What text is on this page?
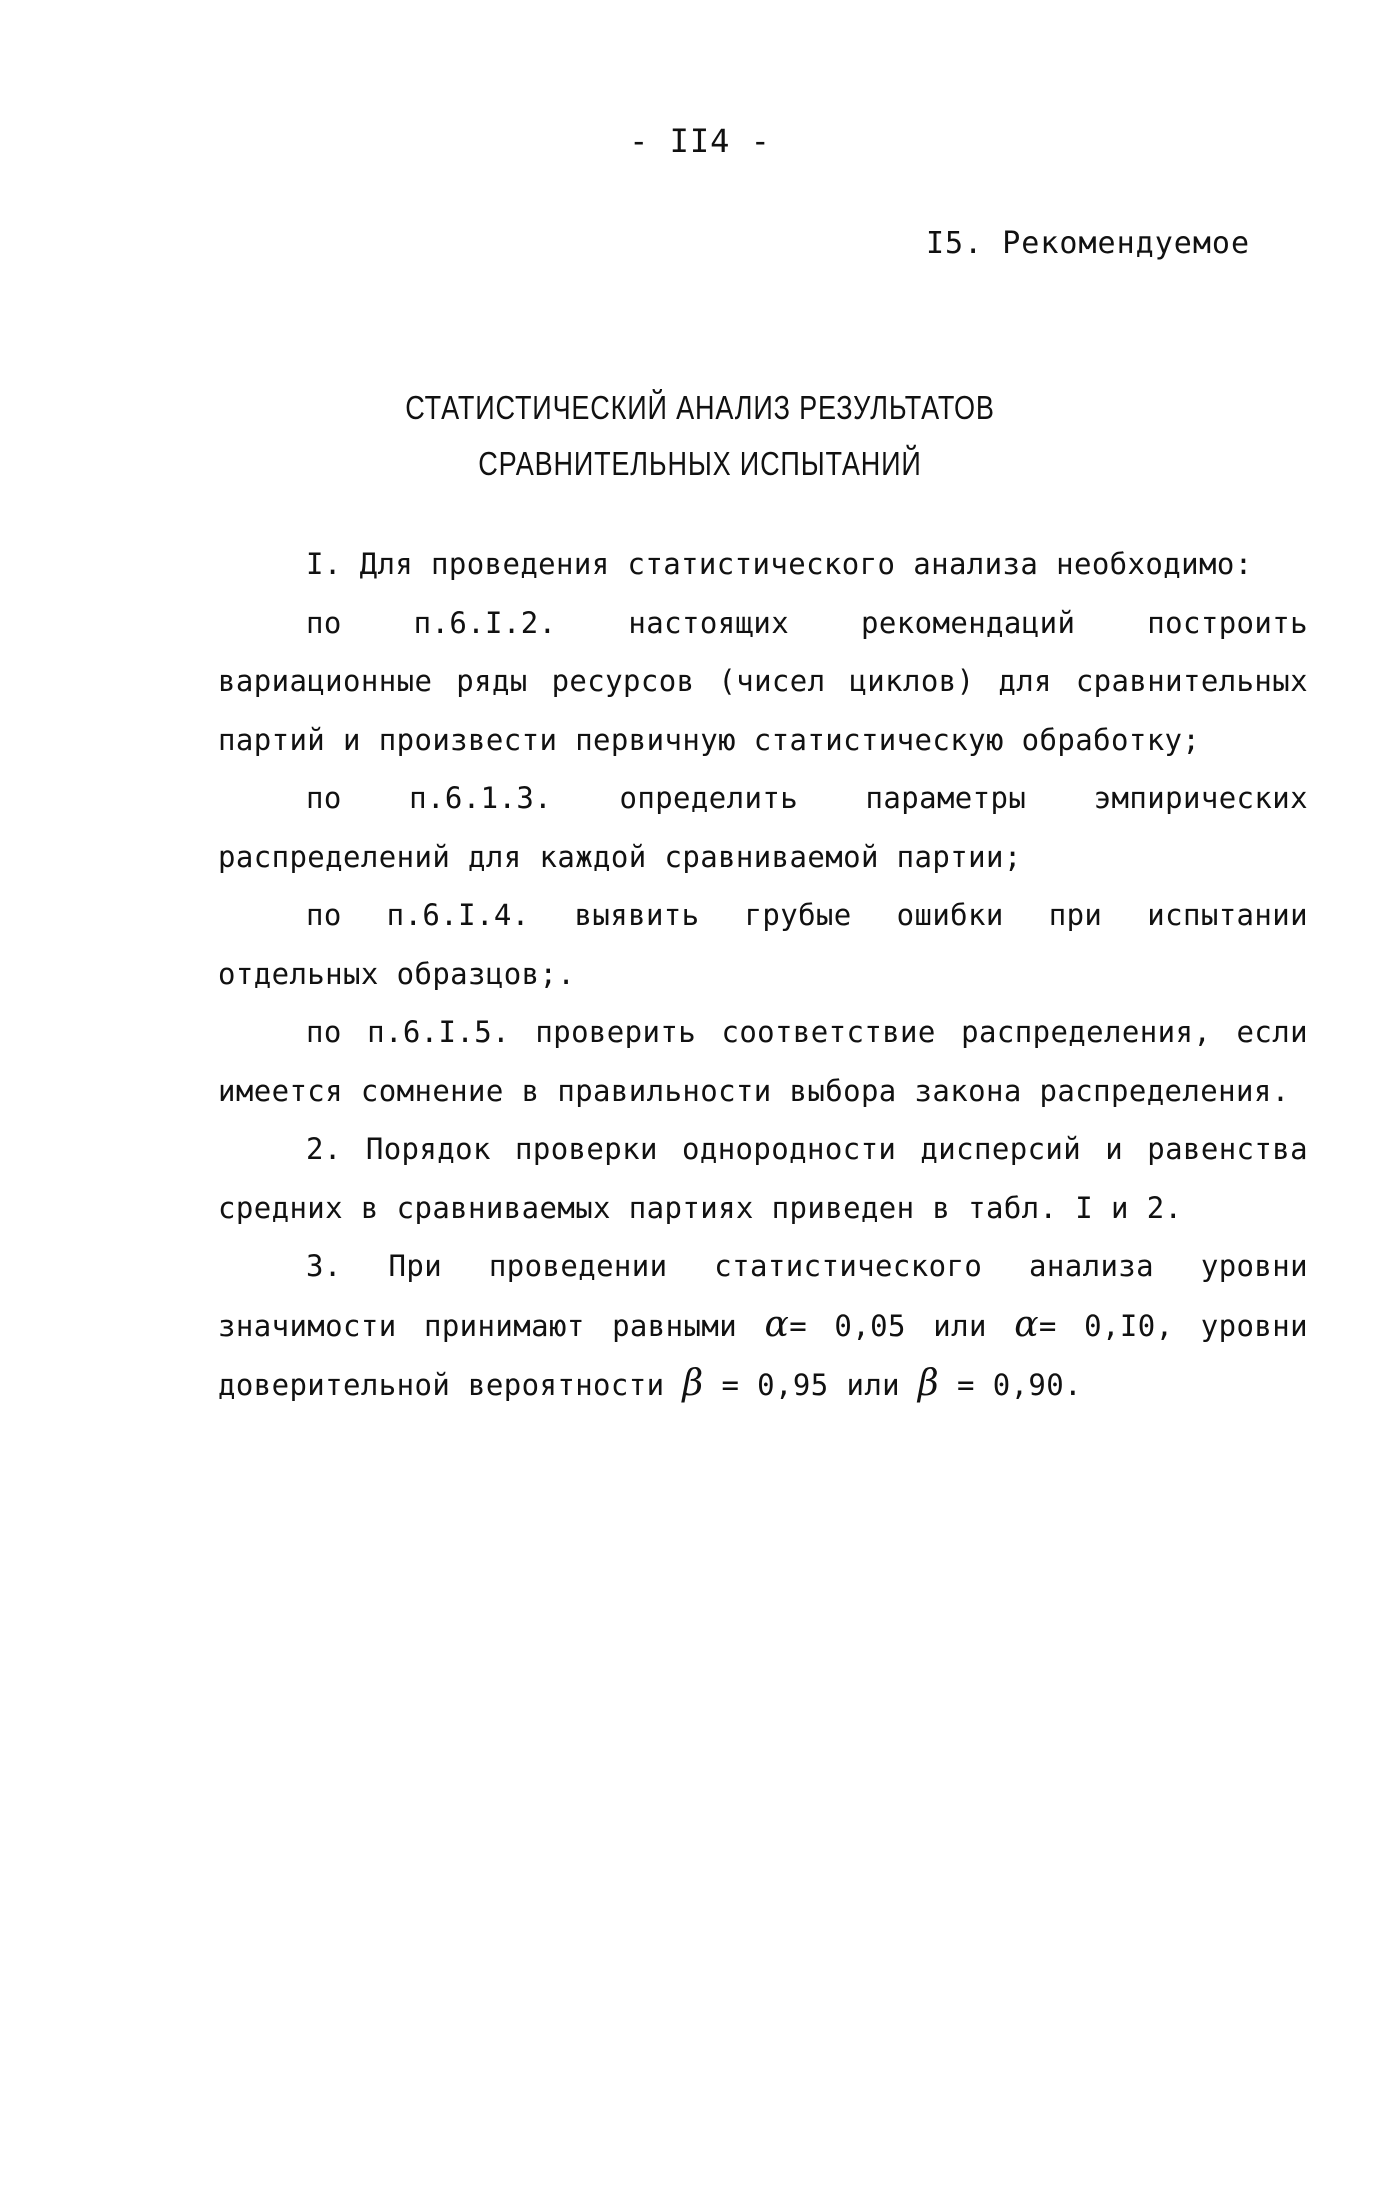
- II4 -
I5. Рекомендуемое
СТАТИСТИЧЕСКИЙ АНАЛИЗ РЕЗУЛЬТАТОВ
СРАВНИТЕЛЬНЫХ ИСПЫТАНИЙ

I. Для проведения статистического анализа необходимо:

по п.6.I.2. настоящих рекомендаций построить вариационные ряды ресурсов (чисел циклов) для сравнительных партий и произвести первичную статистическую обработку;

по п.6.1.3. определить параметры эмпирических распределений для каждой сравниваемой партии;

по п.6.I.4. выявить грубые ошибки при испытании отдельных образцов;.

по п.6.I.5. проверить соответствие распределения, если имеется сомнение в правильности выбора закона распределения.

2. Порядок проверки однородности дисперсий и равенства средних в сравниваемых партиях приведен в табл. I и 2.

3. При проведении статистического анализа уровни значимости принимают равными α= 0,05 или α= 0,I0, уровни доверительной вероятности β = 0,95 или β = 0,90.
